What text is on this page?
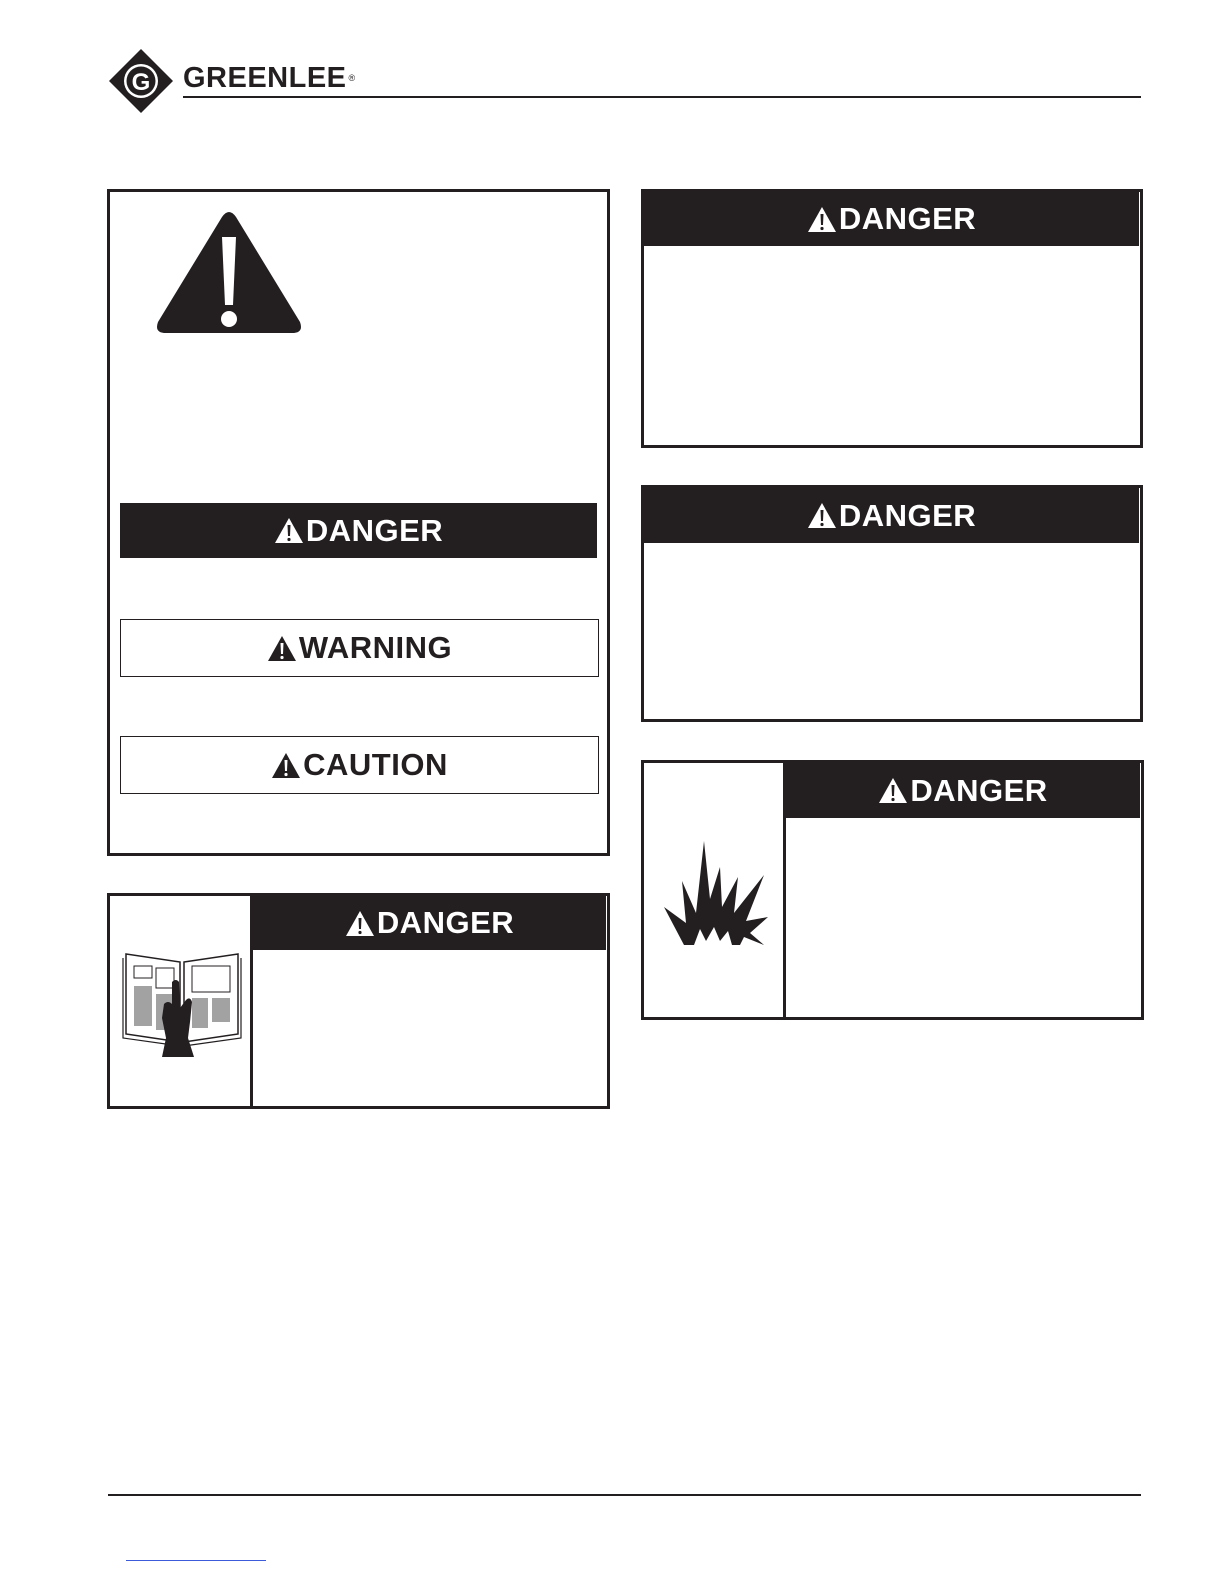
G GREENLEE ®
DANGER
WARNING
CAUTION
DANGER
DANGER
DANGER
DANGER
